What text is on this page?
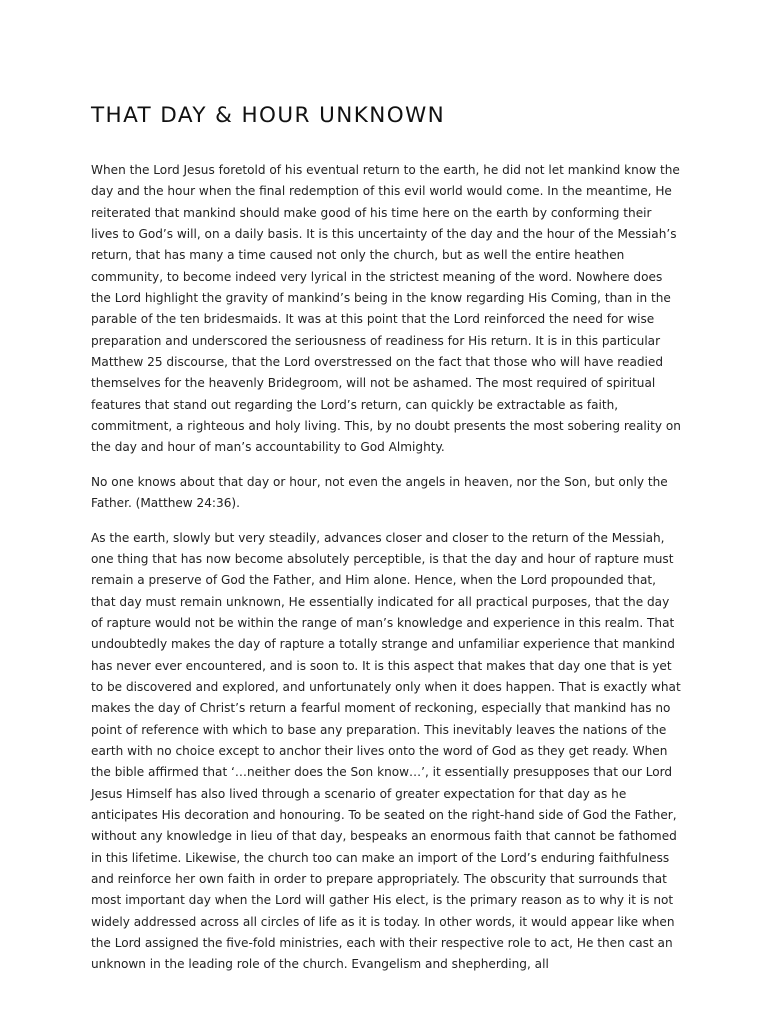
THAT DAY & HOUR UNKNOWN

When the Lord Jesus foretold of his eventual return to the earth, he did not let mankind know the day and the hour when the final redemption of this evil world would come. In the meantime, He reiterated that mankind should make good of his time here on the earth by conforming their lives to God’s will, on a daily basis. It is this uncertainty of the day and the hour of the Messiah’s return, that has many a time caused not only the church, but as well the entire heathen community, to become indeed very lyrical in the strictest meaning of the word. Nowhere does the Lord highlight the gravity of mankind’s being in the know regarding His Coming, than in the parable of the ten bridesmaids. It was at this point that the Lord reinforced the need for wise preparation and underscored the seriousness of readiness for His return. It is in this particular Matthew 25 discourse, that the Lord overstressed on the fact that those who will have readied themselves for the heavenly Bridegroom, will not be ashamed. The most required of spiritual features that stand out regarding the Lord’s return, can quickly be extractable as faith, commitment, a righteous and holy living. This, by no doubt presents the most sobering reality on the day and hour of man’s accountability to God Almighty.

No one knows about that day or hour, not even the angels in heaven, nor the Son, but only the Father. (Matthew 24:36).

As the earth, slowly but very steadily, advances closer and closer to the return of the Messiah, one thing that has now become absolutely perceptible, is that the day and hour of rapture must remain a preserve of God the Father, and Him alone. Hence, when the Lord propounded that, that day must remain unknown, He essentially indicated for all practical purposes, that the day of rapture would not be within the range of man’s knowledge and experience in this realm. That undoubtedly makes the day of rapture a totally strange and unfamiliar experience that mankind has never ever encountered, and is soon to. It is this aspect that makes that day one that is yet to be discovered and explored, and unfortunately only when it does happen. That is exactly what makes the day of Christ’s return a fearful moment of reckoning, especially that mankind has no point of reference with which to base any preparation. This inevitably leaves the nations of the earth with no choice except to anchor their lives onto the word of God as they get ready. When the bible affirmed that ‘…neither does the Son know…’, it essentially presupposes that our Lord Jesus Himself has also lived through a scenario of greater expectation for that day as he anticipates His decoration and honouring. To be seated on the right-hand side of God the Father, without any knowledge in lieu of that day, bespeaks an enormous faith that cannot be fathomed in this lifetime. Likewise, the church too can make an import of the Lord’s enduring faithfulness and reinforce her own faith in order to prepare appropriately. The obscurity that surrounds that most important day when the Lord will gather His elect, is the primary reason as to why it is not widely addressed across all circles of life as it is today. In other words, it would appear like when the Lord assigned the five-fold ministries, each with their respective role to act, He then cast an unknown in the leading role of the church. Evangelism and shepherding, all
